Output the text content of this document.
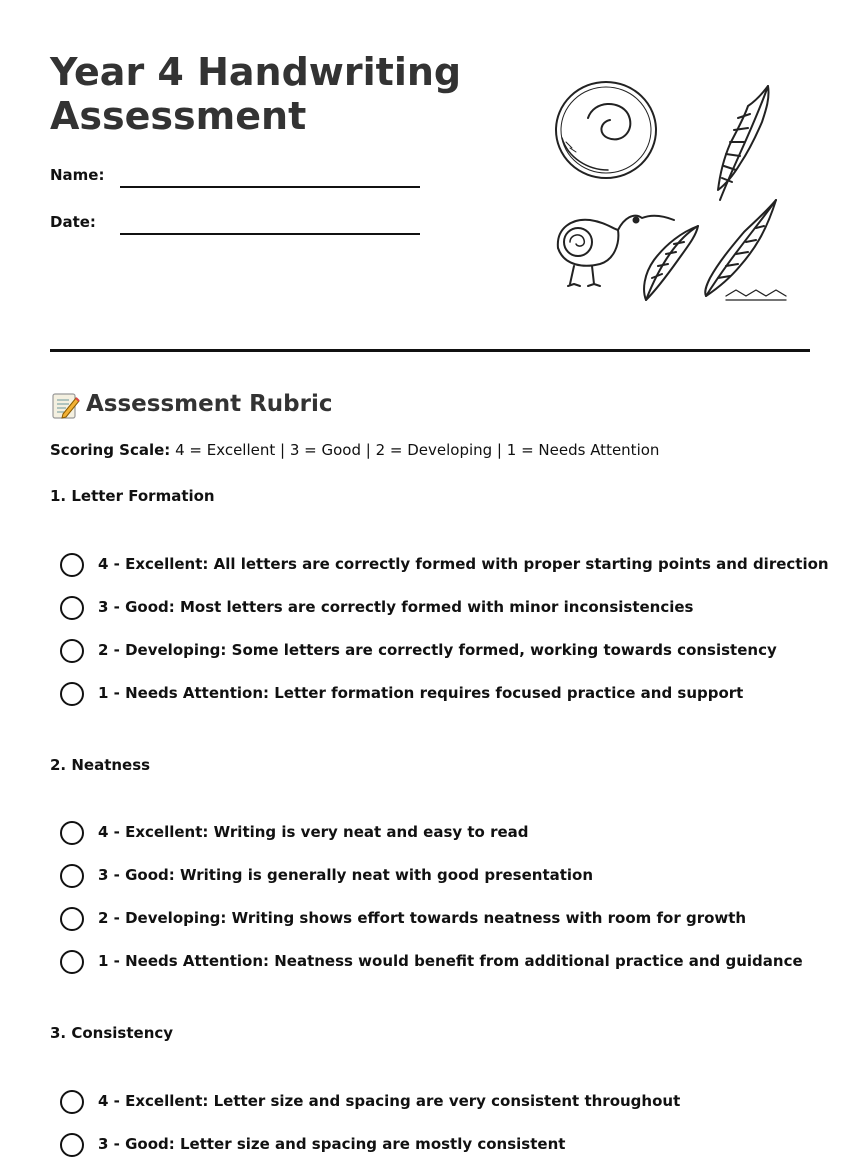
Year 4 Handwriting Assessment
Name:
Date:
Assessment Rubric
Scoring Scale: 4 = Excellent | 3 = Good | 2 = Developing | 1 = Needs Attention
1. Letter Formation
4 - Excellent: All letters are correctly formed with proper starting points and direction
3 - Good: Most letters are correctly formed with minor inconsistencies
2 - Developing: Some letters are correctly formed, working towards consistency
1 - Needs Attention: Letter formation requires focused practice and support
2. Neatness
4 - Excellent: Writing is very neat and easy to read
3 - Good: Writing is generally neat with good presentation
2 - Developing: Writing shows effort towards neatness with room for growth
1 - Needs Attention: Neatness would benefit from additional practice and guidance
3. Consistency
4 - Excellent: Letter size and spacing are very consistent throughout
3 - Good: Letter size and spacing are mostly consistent
